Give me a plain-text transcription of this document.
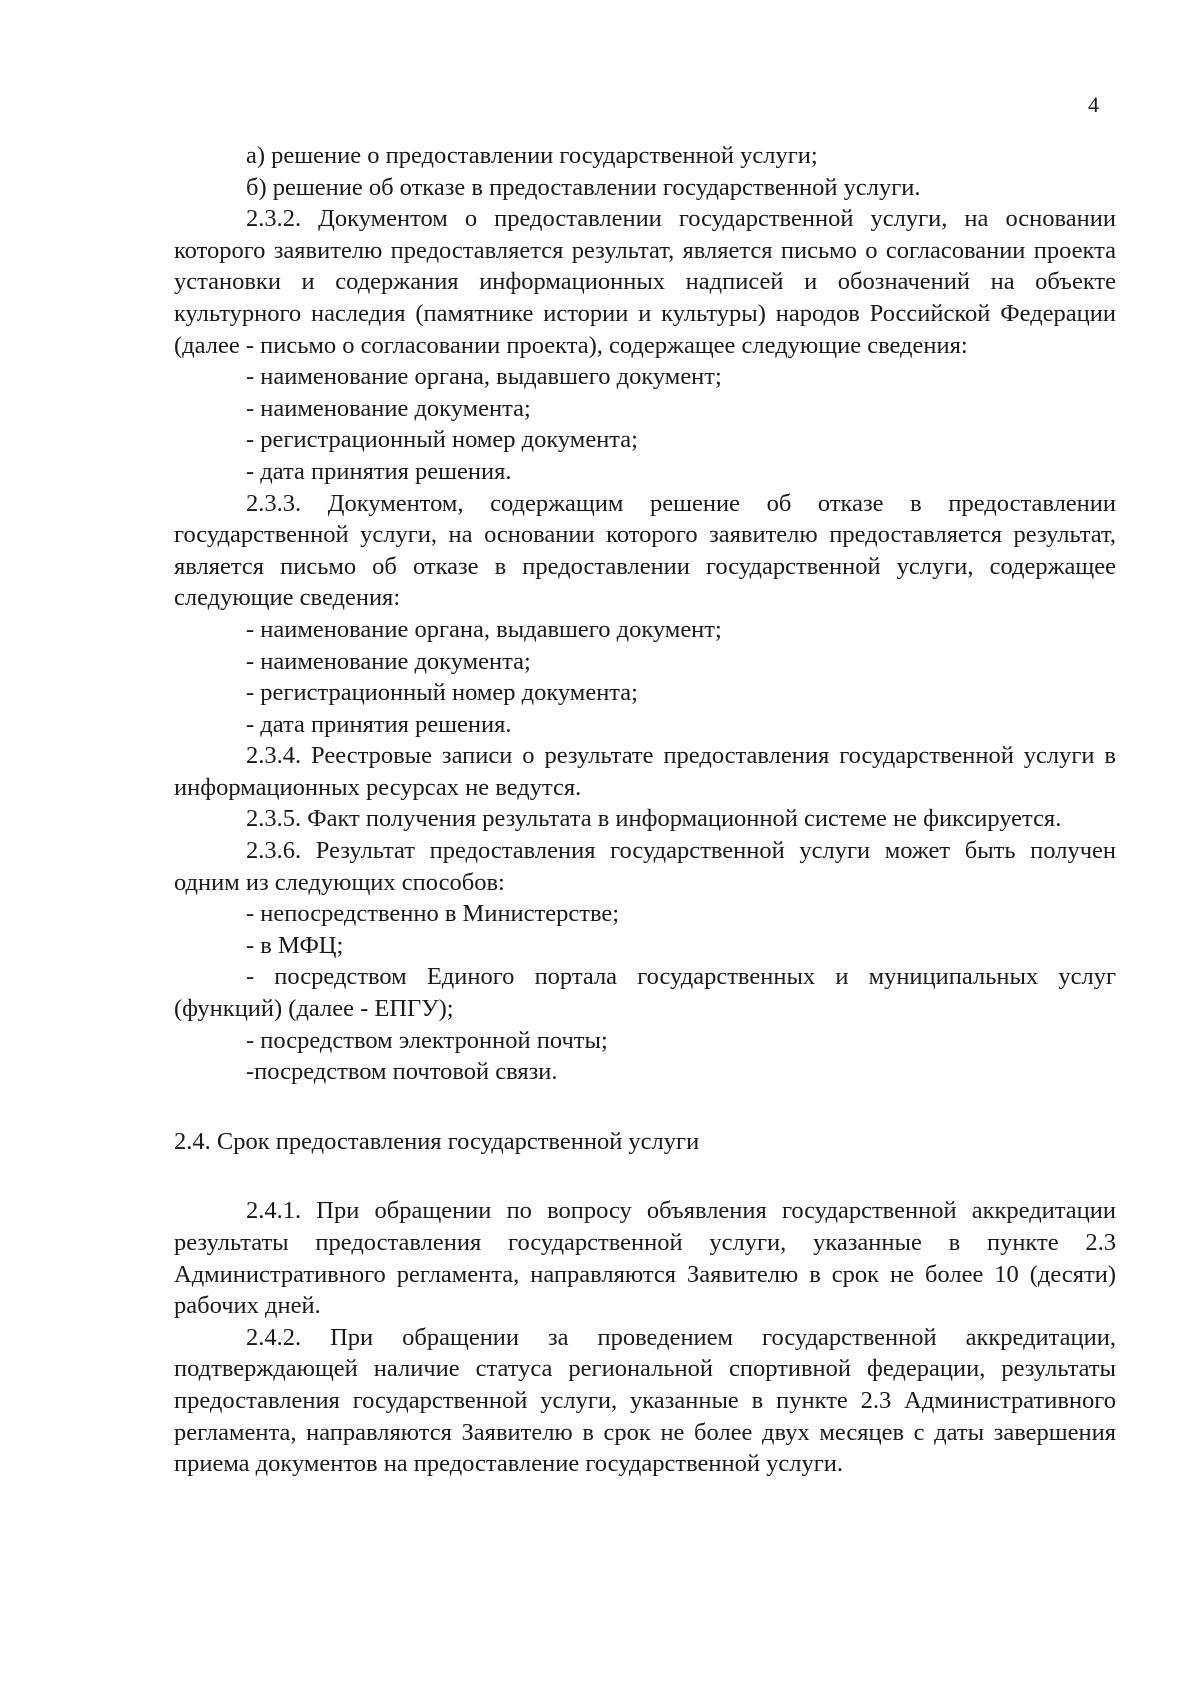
4

а) решение о предоставлении государственной услуги;

б) решение об отказе в предоставлении государственной услуги.

2.3.2. Документом о предоставлении государственной услуги, на основании которого заявителю предоставляется результат, является письмо о согласовании проекта установки и содержания информационных надписей и обозначений на объекте культурного наследия (памятнике истории и культуры) народов Российской Федерации (далее - письмо о согласовании проекта), содержащее следующие сведения:

- наименование органа, выдавшего документ;

- наименование документа;

- регистрационный номер документа;

- дата принятия решения.

2.3.3. Документом, содержащим решение об отказе в предоставлении государственной услуги, на основании которого заявителю предоставляется результат, является письмо об отказе в предоставлении государственной услуги, содержащее следующие сведения:

- наименование органа, выдавшего документ;

- наименование документа;

- регистрационный номер документа;

- дата принятия решения.

2.3.4. Реестровые записи о результате предоставления государственной услуги в информационных ресурсах не ведутся.

2.3.5. Факт получения результата в информационной системе не фиксируется.

2.3.6. Результат предоставления государственной услуги может быть получен одним из следующих способов:

- непосредственно в Министерстве;

- в МФЦ;

- посредством Единого портала государственных и муниципальных услуг (функций) (далее - ЕПГУ);

- посредством электронной почты;

-посредством почтовой связи.

2.4. Срок предоставления государственной услуги

2.4.1. При обращении по вопросу объявления государственной аккредитации результаты предоставления государственной услуги, указанные в пункте 2.3 Административного регламента, направляются Заявителю в срок не более 10 (десяти) рабочих дней.

2.4.2. При обращении за проведением государственной аккредитации, подтверждающей наличие статуса региональной спортивной федерации, результаты предоставления государственной услуги, указанные в пункте 2.3 Административного регламента, направляются Заявителю в срок не более двух месяцев с даты завершения приема документов на предоставление государственной услуги.
